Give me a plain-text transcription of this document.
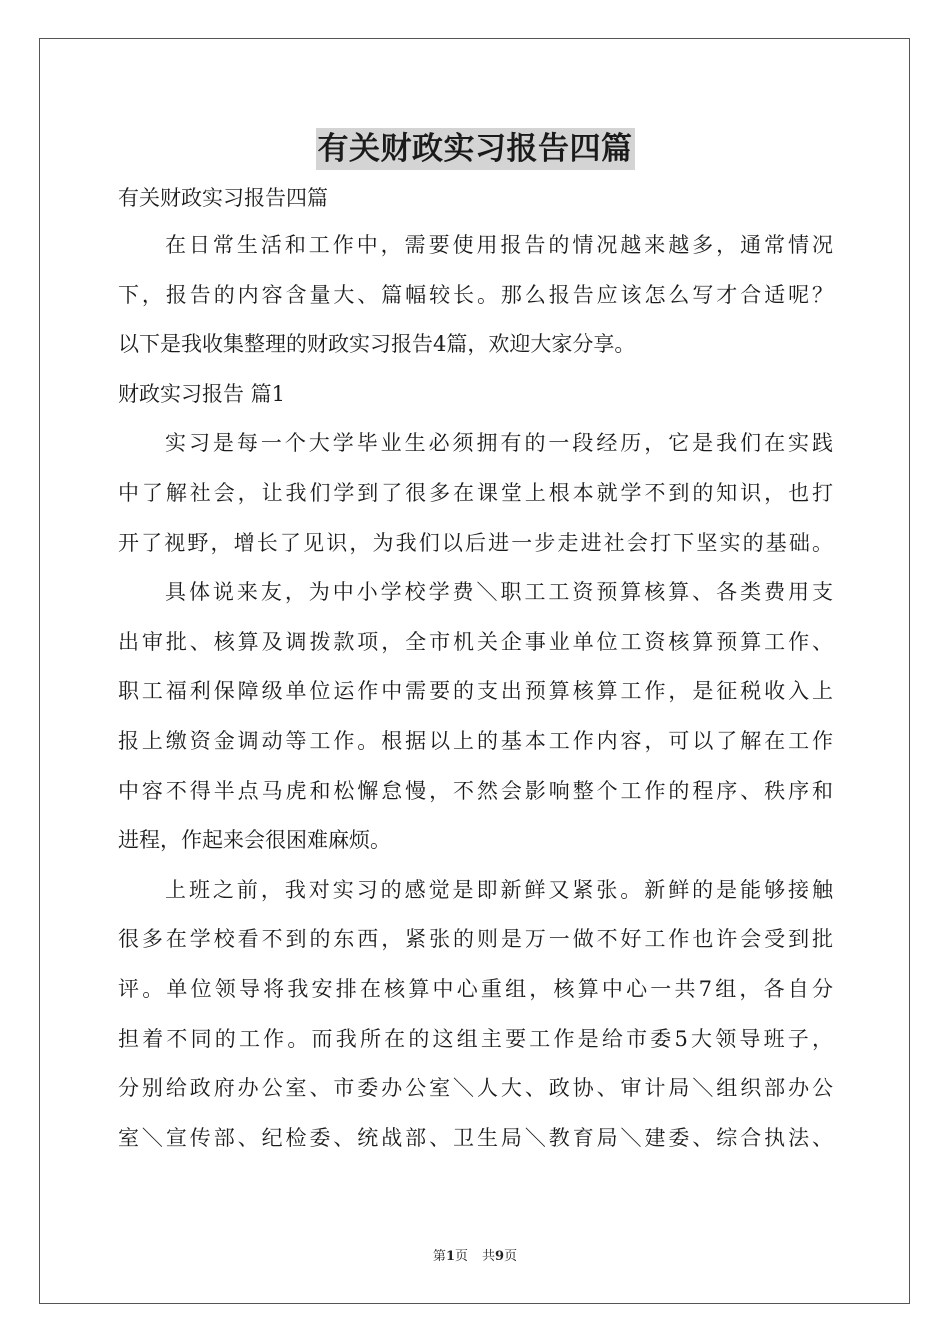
有关财政实习报告四篇
有关财政实习报告四篇
在日常生活和工作中，需要使用报告的情况越来越多，通常情况
下，报告的内容含量大、篇幅较长。那么报告应该怎么写才合适呢？
以下是我收集整理的财政实习报告4篇，欢迎大家分享。
财政实习报告 篇1
实习是每一个大学毕业生必须拥有的一段经历，它是我们在实践
中了解社会，让我们学到了很多在课堂上根本就学不到的知识，也打
开了视野，增长了见识，为我们以后进一步走进社会打下坚实的基础。
具体说来友，为中小学校学费＼职工工资预算核算、各类费用支
出审批、核算及调拨款项，全市机关企事业单位工资核算预算工作、
职工福利保障级单位运作中需要的支出预算核算工作，是征税收入上
报上缴资金调动等工作。根据以上的基本工作内容，可以了解在工作
中容不得半点马虎和松懈怠慢，不然会影响整个工作的程序、秩序和
进程，作起来会很困难麻烦。
上班之前，我对实习的感觉是即新鲜又紧张。新鲜的是能够接触
很多在学校看不到的东西，紧张的则是万一做不好工作也许会受到批
评。单位领导将我安排在核算中心重组，核算中心一共7组，各自分
担着不同的工作。而我所在的这组主要工作是给市委5大领导班子，
分别给政府办公室、市委办公室＼人大、政协、审计局＼组织部办公
室＼宣传部、纪检委、统战部、卫生局＼教育局＼建委、综合执法、
第1页 共9页
